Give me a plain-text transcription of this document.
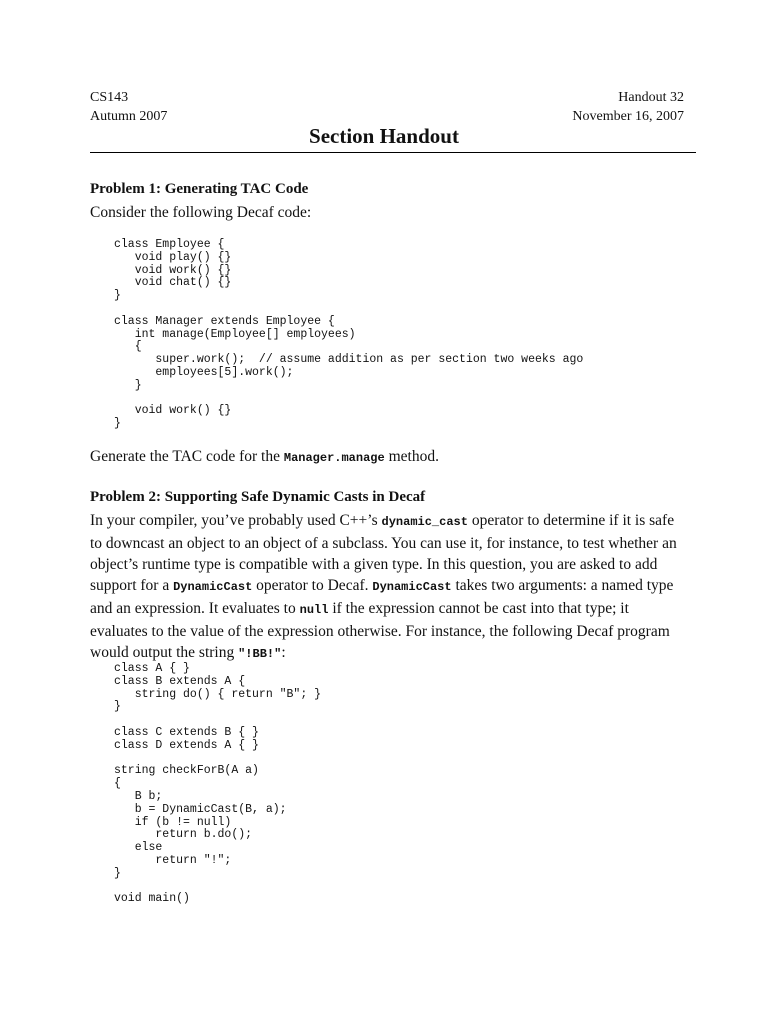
CS143
Autumn 2007
Handout 32
November 16, 2007
Section Handout
Problem 1: Generating TAC Code
Consider the following Decaf code:
class Employee {
void play() {}
void work() {}
void chat() {}
}

class Manager extends Employee {
int manage(Employee[] employees)
{
super.work();  // assume addition as per section two weeks ago
employees[5].work();
}

void work() {}
}
Generate the TAC code for the Manager.manage method.
Problem 2: Supporting Safe Dynamic Casts in Decaf

In your compiler, you’ve probably used C++’s dynamic_cast operator to determine if it is safe to downcast an object to an object of a subclass. You can use it, for instance, to test whether an object’s runtime type is compatible with a given type. In this question, you are asked to add support for a DynamicCast operator to Decaf. DynamicCast takes two arguments: a named type and an expression. It evaluates to null if the expression cannot be cast into that type; it evaluates to the value of the expression otherwise. For instance, the following Decaf program would output the string "!BB!":

class A { }
class B extends A {
string do() { return "B"; }
}

class C extends B { }
class D extends A { }

string checkForB(A a)
{
B b;
b = DynamicCast(B, a);
if (b != null)
return b.do();
else
return "!";
}

void main()
